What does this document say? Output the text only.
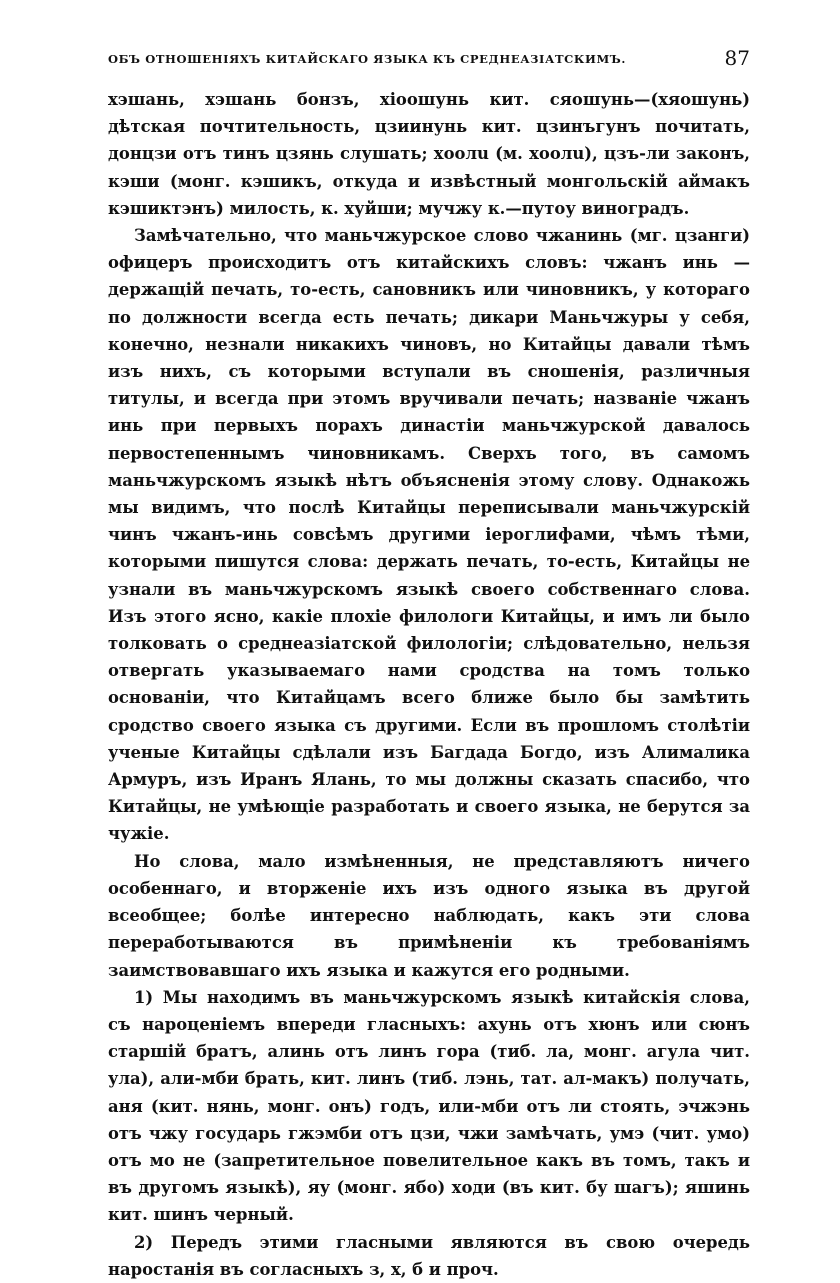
ОБЪ ОТНОШЕНІЯХЪ КИТАЙСКАГО ЯЗЫКА КЪ СРЕДНЕАЗІАТСКИМЪ.	87

хэшань, хэшань бонзъ, хіоошунь кит. сяошунь—(хяошунь) дѣтская почтительность, цзиинунь кит. цзинъгунъ почитать, донцзи отъ тинъ цзянь слушать; хоолu (м. хоолu), цзъ-ли законъ, кэши (монг. кэшикъ, откуда и извѣстный монгольскій аймакъ кэшиктэнъ) милость, к. хуйши; мучжу к.—путоу виноградъ.

Замѣчательно, что маньчжурское слово чжанинь (мг. цзанги) офицеръ происходитъ отъ китайскихъ словъ: чжанъ инь — держащій печать, то-есть, сановникъ или чиновникъ, у котораго по должности всегда есть печать; дикари Маньчжуры у себя, конечно, незнали никакихъ чиновъ, но Китайцы давали тѣмъ изъ нихъ, съ которыми вступали въ сношенія, различныя титулы, и всегда при этомъ вручивали печать; названіе чжанъ инь при первыхъ порахъ династіи маньчжурской давалось первостепеннымъ чиновникамъ. Сверхъ того, въ самомъ маньчжурскомъ языкѣ нѣтъ объясненія этому слову. Однакожь мы видимъ, что послѣ Китайцы переписывали маньчжурскій чинъ чжанъ-инь совсѣмъ другими іероглифами, чѣмъ тѣми, которыми пишутся слова: держать печать, то-есть, Китайцы не узнали въ маньчжурскомъ языкѣ своего собственнаго слова. Изъ этого ясно, какіе плохіе филологи Китайцы, и имъ ли было толковать о среднеазіатской филологіи; слѣдовательно, нельзя отвергать указываемаго нами сродства на томъ только основаніи, что Китайцамъ всего ближе было бы замѣтить сродство своего языка съ другими. Если въ прошломъ столѣтіи ученые Китайцы сдѣлали изъ Багдада Богдо, изъ Алималика Армуръ, изъ Иранъ Ялань, то мы должны сказать спасибо, что Китайцы, не умѣющіе разработать и своего языка, не берутся за чужіе.

Но слова, мало измѣненныя, не представляютъ ничего особеннаго, и вторженіе ихъ изъ одного языка въ другой всеобщее; болѣе интересно наблюдать, какъ эти слова переработываются въ примѣненіи къ требованіямъ заимствовавшаго ихъ языка и кажутся его родными.

1) Мы находимъ въ маньчжурскомъ языкѣ китайскія слова, съ нароценіемъ впереди гласныхъ: ахунь отъ хюнъ или сюнъ старшій братъ, алинь отъ линъ гора (тиб. ла, монг. агула чит. ула), али-мби брать, кит. линъ (тиб. лэнь, тат. ал-макъ) получать, аня (кит. нянь, монг. онъ) годъ, или-мби отъ ли стоять, эчжэнь отъ чжу государь гжэмби отъ цзи, чжи замѣчать, умэ (чит. умо) отъ мо не (запретительное повелительное какъ въ томъ, такъ и въ другомъ языкѣ), яу (монг. ябо) ходи (въ кит. бу шагъ); яшинь кит. шинъ черный.

2) Передъ этими гласными являются въ свою очередь наростанія въ согласныхъ з, х, б и проч.
